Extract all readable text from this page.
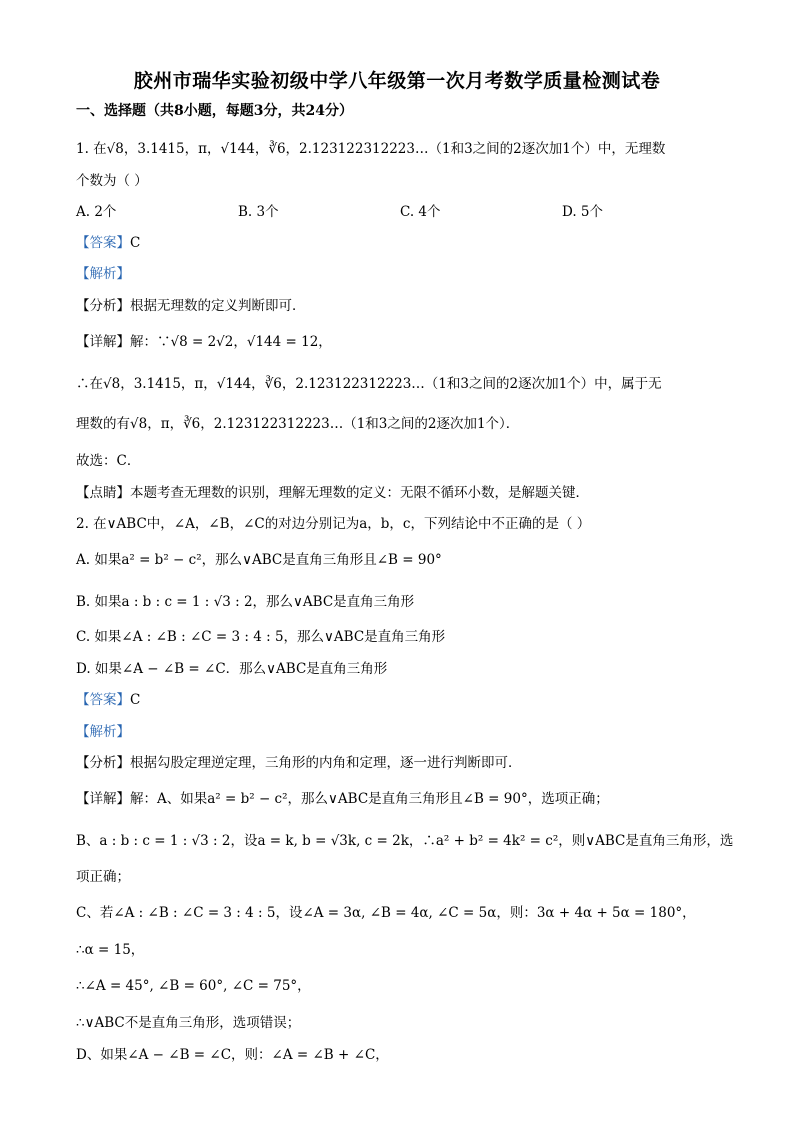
胶州市瑞华实验初级中学八年级第一次月考数学质量检测试卷
一、选择题（共8小题，每题3分，共24分）
1. 在√8，3.1415，π，√144，∛6，2.123122312223…（1和3之间的2逐次加1个）中，无理数
个数为（ ）
A. 2个	B. 3个	C. 4个	D. 5个
【答案】C
【解析】
【分析】根据无理数的定义判断即可．
【详解】解：∵√8 = 2√2，√144 = 12，
∴在√8，3.1415，π，√144，∛6，2.123122312223…（1和3之间的2逐次加1个）中，属于无
理数的有√8，π，∛6，2.123122312223…（1和3之间的2逐次加1个）．
故选：C．
【点睛】本题考查无理数的识别，理解无理数的定义：无限不循环小数，是解题关键．
2. 在∨ABC中，∠A，∠B，∠C的对边分别记为a，b，c，下列结论中不正确的是（ ）
A. 如果a² = b² − c²，那么∨ABC是直角三角形且∠B = 90°
B. 如果a : b : c = 1 : √3 : 2，那么∨ABC是直角三角形
C. 如果∠A : ∠B : ∠C = 3 : 4 : 5，那么∨ABC是直角三角形
D. 如果∠A − ∠B = ∠C．那么∨ABC是直角三角形
【答案】C
【解析】
【分析】根据勾股定理逆定理，三角形的内角和定理，逐一进行判断即可．
【详解】解：A、如果a² = b² − c²，那么∨ABC是直角三角形且∠B = 90°，选项正确；
B、a : b : c = 1 : √3 : 2，设a = k, b = √3k, c = 2k，∴a² + b² = 4k² = c²，则∨ABC是直角三角形，选
项正确；
C、若∠A : ∠B : ∠C = 3 : 4 : 5，设∠A = 3α, ∠B = 4α, ∠C = 5α，则：3α + 4α + 5α = 180°，
∴α = 15，
∴∠A = 45°, ∠B = 60°, ∠C = 75°，
∴∨ABC不是直角三角形，选项错误；
D、如果∠A − ∠B = ∠C，则：∠A = ∠B + ∠C，
